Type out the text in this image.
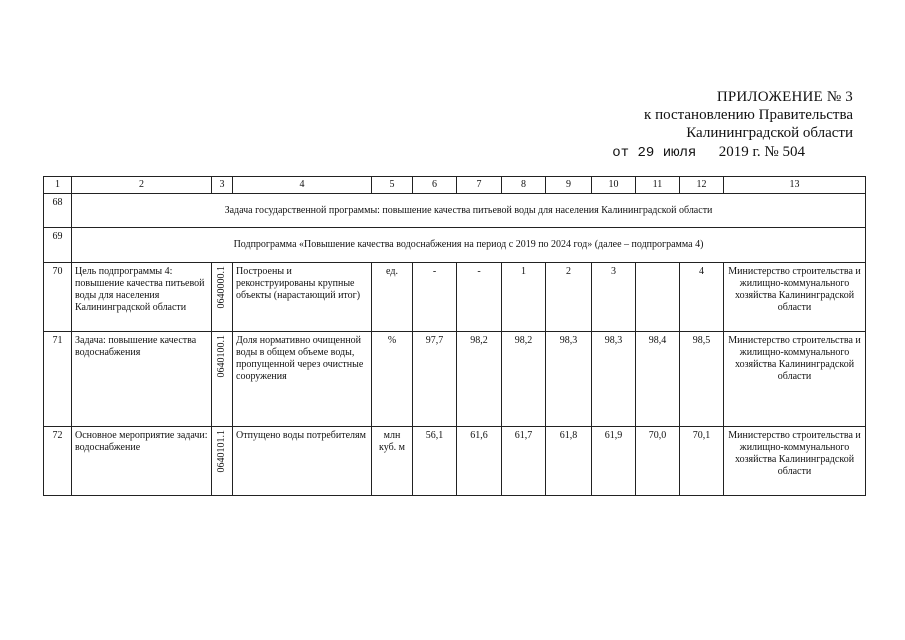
ПРИЛОЖЕНИЕ № 3
к постановлению Правительства
Калининградской области
от 29 июля 2019 г. № 504
1	2	3	4	5	6	7	8	9	10	11	12	13
68	Задача государственной программы: повышение качества питьевой воды для населения Калининградской области											
69	Подпрограмма «Повышение качества водоснабжения на период с 2019 по 2024 год» (далее – подпрограмма 4)											
70	Цель подпрограммы 4: повышение качества питьевой воды для населения Калининградской области	0640000.1	Построены и реконструированы крупные объекты (нарастающий итог)	ед.	-	-	1	2	3		4	Министерство строительства и жилищно-коммунального хозяйства Калининградской области
71	Задача: повышение качества водоснабжения	0640100.1	Доля нормативно очищенной воды в общем объеме воды, пропущенной через очистные сооружения	%	97,7	98,2	98,2	98,3	98,3	98,4	98,5	Министерство строительства и жилищно-коммунального хозяйства Калининградской области
72	Основное мероприятие задачи: водоснабжение	0640101.1	Отпущено воды потребителям	млн куб. м	56,1	61,6	61,7	61,8	61,9	70,0	70,1	Министерство строительства и жилищно-коммунального хозяйства Калининградской области
